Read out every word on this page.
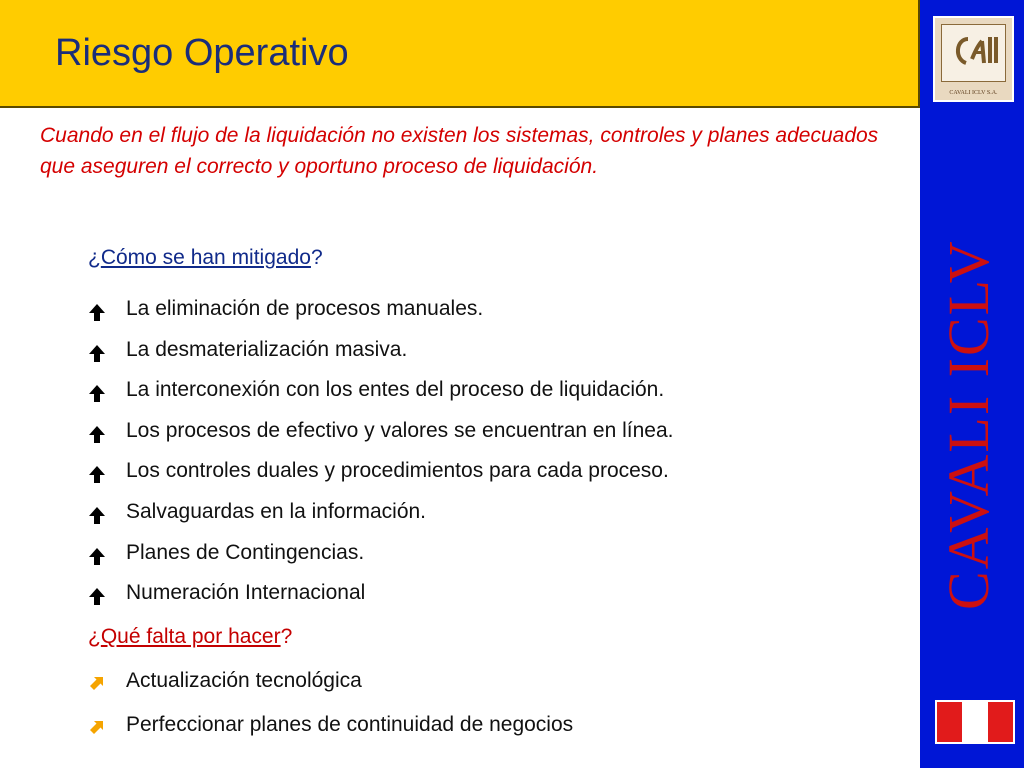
Riesgo Operativo
CAVALI ICLV S.A.
CAVALI ICLV
Cuando en el flujo de la liquidación no existen los sistemas, controles y planes adecuados que aseguren el correcto y oportuno proceso de liquidación.
¿Cómo se han mitigado?
La eliminación de procesos manuales.
La desmaterialización masiva.
La interconexión con los entes del proceso de liquidación.
Los procesos de efectivo y valores se encuentran en línea.
Los controles duales y procedimientos para cada proceso.
Salvaguardas en la información.
Planes de Contingencias.
Numeración Internacional
¿Qué falta por hacer?
Actualización tecnológica
Perfeccionar planes de continuidad de negocios
